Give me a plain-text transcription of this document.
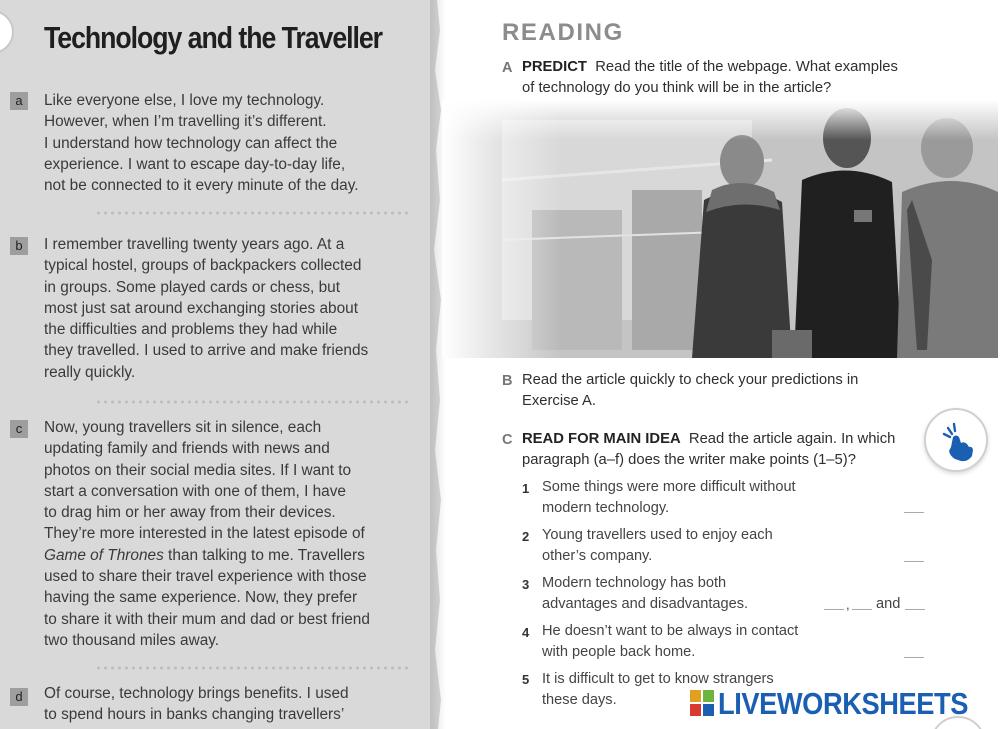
Technology and the Traveller
a	Like everyone else, I love my technology.
However, when I’m travelling it’s different.
I understand how technology can affect the
experience. I want to escape day-to-day life,
not be connected to it every minute of the day.
b	I remember travelling twenty years ago. At a
typical hostel, groups of backpackers collected
in groups. Some played cards or chess, but
most just sat around exchanging stories about
the difficulties and problems they had while
they travelled. I used to arrive and make friends
really quickly.
c	Now, young travellers sit in silence, each
updating family and friends with news and
photos on their social media sites. If I want to
start a conversation with one of them, I have
to drag him or her away from their devices.
They’re more interested in the latest episode of
Game of Thrones than talking to me. Travellers
used to share their travel experience with those
having the same experience. Now, they prefer
to share it with their mum and dad or best friend
two thousand miles away.
d	Of course, technology brings benefits. I used
to spend hours in banks changing travellers’
READING
A PREDICT Read the title of the webpage. What examples
of technology do you think will be in the article?
B Read the article quickly to check your predictions in
Exercise A.
C READ FOR MAIN IDEA Read the article again. In which
paragraph (a–f) does the writer make points (1–5)?
1 Some things were more difficult without
modern technology.
2 Young travellers used to enjoy each
other’s company.
3 Modern technology has both
advantages and disadvantages.	, and
4 He doesn’t want to be always in contact
with people back home.
5 It is difficult to get to know strangers
these days.	LIVEWORKSHEETS
